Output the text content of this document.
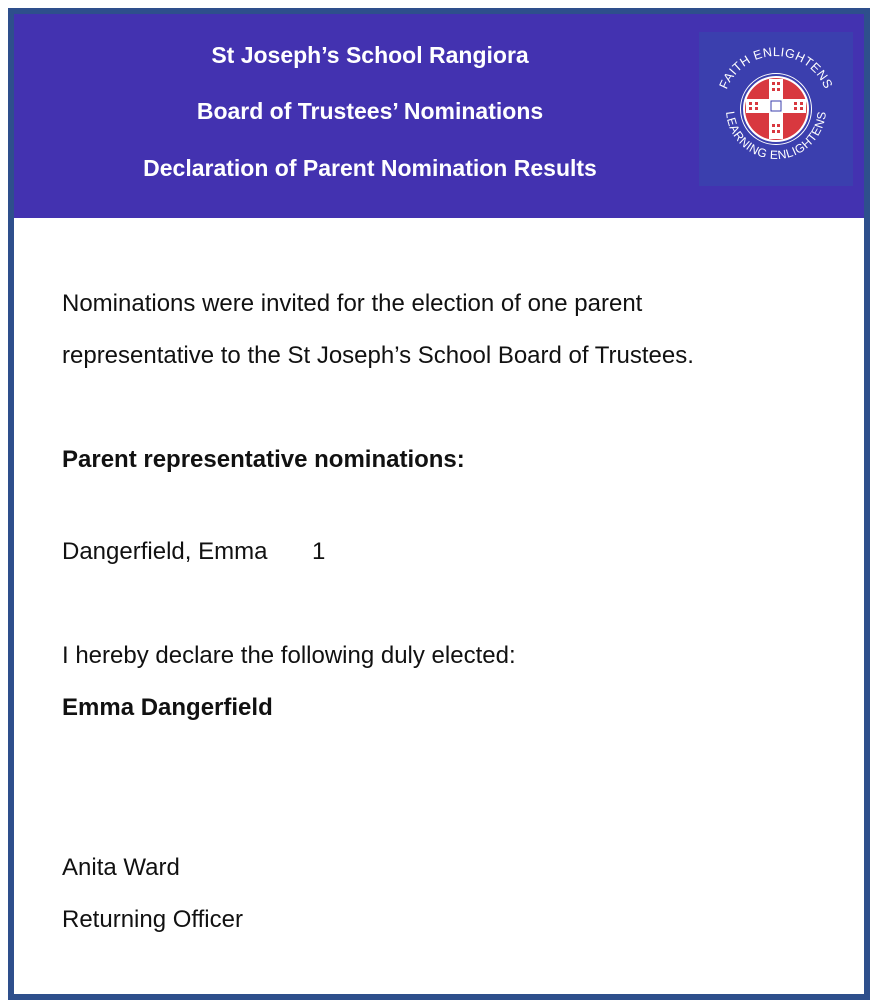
St Joseph’s School Rangiora
Board of Trustees’ Nominations
Declaration of Parent Nomination Results
FAITH ENLIGHTENS
LEARNING ENLIGHTENS
Nominations were invited for the election of one parent
representative to the St Joseph’s School Board of Trustees.
Parent representative nominations:
Dangerfield, Emma 1
I hereby declare the following duly elected:
Emma Dangerfield
Anita Ward
Returning Officer
